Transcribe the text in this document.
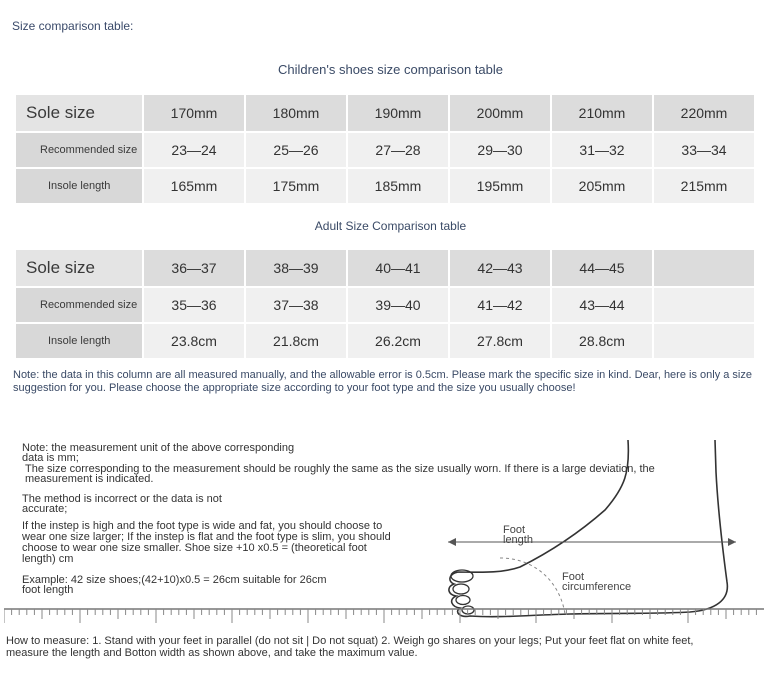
Size comparison table:
Children's shoes size comparison table
Sole size	170mm	180mm	190mm	200mm	210mm	220mm
Recommended size	23—24	25—26	27—28	29—30	31—32	33—34
Insole length	165mm	175mm	185mm	195mm	205mm	215mm
Adult Size Comparison table
Sole size	36—37	38—39	40—41	42—43	44—45	
Recommended size	35—36	37—38	39—40	41—42	43—44	
Insole length	23.8cm	21.8cm	26.2cm	27.8cm	28.8cm	
Note: the data in this column are all measured manually, and the allowable error is 0.5cm. Please mark the specific size in kind. Dear, here is only a size suggestion for you. Please choose the appropriate size according to your foot type and the size you usually choose!
Note: the measurement unit of the above corresponding
data is mm;
The size corresponding to the measurement should be roughly the same as the size usually worn. If there is a large deviation, the
measurement is indicated.
The method is incorrect or the data is not
accurate;
If the instep is high and the foot type is wide and fat, you should choose to
wear one size larger; If the instep is flat and the foot type is slim, you should
choose to wear one size smaller. Shoe size +10 x0.5 = (theoretical foot
length) cm
Example: 42 size shoes;(42+10)x0.5 = 26cm suitable for 26cm
foot length
Foot
length
Foot
circumference
How to measure: 1. Stand with your feet in parallel (do not sit | Do not squat) 2. Weigh go shares on your legs; Put your feet flat on white feet,
measure the length and Botton width as shown above, and take the maximum value.
